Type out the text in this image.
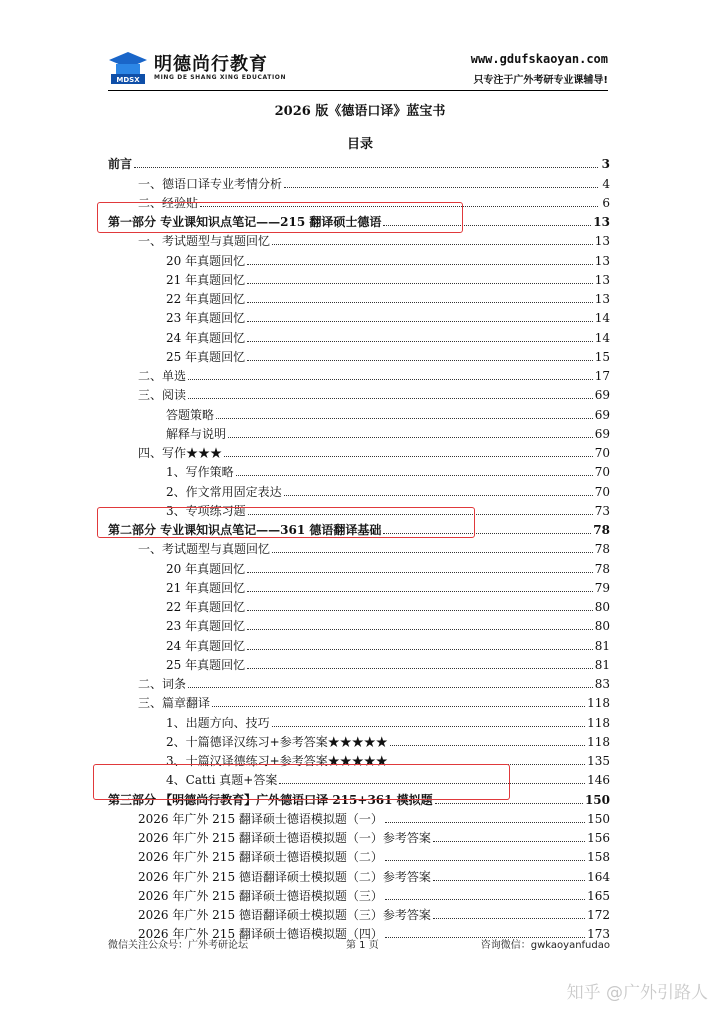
MDSX
明德尚行教育
MING DE SHANG XING EDUCATION
www.gdufskaoyan.com
只专注于广外考研专业课辅导!
2026 版《德语口译》蓝宝书
目录
前言	3
一、德语口译专业考情分析	4
二、经验贴	6
第一部分 专业课知识点笔记——215 翻译硕士德语	13
一、考试题型与真题回忆	13
20 年真题回忆	13
21 年真题回忆	13
22 年真题回忆	13
23 年真题回忆	14
24 年真题回忆	14
25 年真题回忆	15
二、单选	17
三、阅读	69
答题策略	69
解释与说明	69
四、写作★★★	70
1、写作策略	70
2、作文常用固定表达	70
3、专项练习题	73
第二部分 专业课知识点笔记——361 德语翻译基础	78
一、考试题型与真题回忆	78
20 年真题回忆	78
21 年真题回忆	79
22 年真题回忆	80
23 年真题回忆	80
24 年真题回忆	81
25 年真题回忆	81
二、词条	83
三、篇章翻译	118
1、出题方向、技巧	118
2、十篇德译汉练习+参考答案★★★★★	118
3、十篇汉译德练习+参考答案★★★★★	135
4、Catti 真题+答案	146
第三部分 【明德尚行教育】广外德语口译 215+361 模拟题	150
2026 年广外 215 翻译硕士德语模拟题（一）	150
2026 年广外 215 翻译硕士德语模拟题（一）参考答案	156
2026 年广外 215 翻译硕士德语模拟题（二）	158
2026 年广外 215 德语翻译硕士模拟题（二）参考答案	164
2026 年广外 215 翻译硕士德语模拟题（三）	165
2026 年广外 215 德语翻译硕士模拟题（三）参考答案	172
2026 年广外 215 翻译硕士德语模拟题（四）	173
微信关注公众号：广外考研论坛	第 1 页	咨询微信：gwkaoyanfudao
知乎 @广外引路人
